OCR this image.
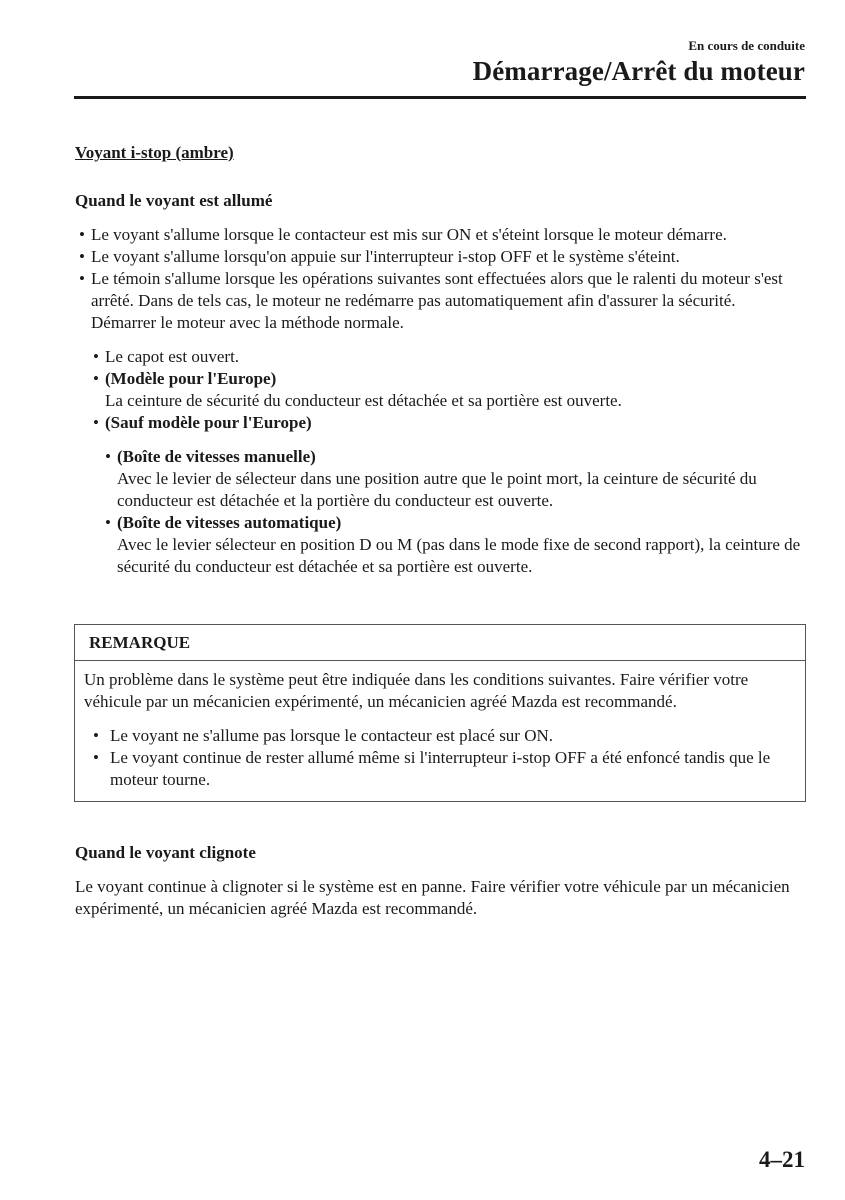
En cours de conduite
Démarrage/Arrêt du moteur
Voyant i-stop (ambre)
Quand le voyant est allumé
• Le voyant s'allume lorsque le contacteur est mis sur ON et s'éteint lorsque le moteur démarre.
• Le voyant s'allume lorsqu'on appuie sur l'interrupteur i-stop OFF et le système s'éteint.
• Le témoin s'allume lorsque les opérations suivantes sont effectuées alors que le ralenti du moteur s'est arrêté. Dans de tels cas, le moteur ne redémarre pas automatiquement afin d'assurer la sécurité. Démarrer le moteur avec la méthode normale.
• Le capot est ouvert.
• (Modèle pour l'Europe)
La ceinture de sécurité du conducteur est détachée et sa portière est ouverte.
• (Sauf modèle pour l'Europe)
• (Boîte de vitesses manuelle)
Avec le levier de sélecteur dans une position autre que le point mort, la ceinture de sécurité du conducteur est détachée et la portière du conducteur est ouverte.
• (Boîte de vitesses automatique)
Avec le levier sélecteur en position D ou M (pas dans le mode fixe de second rapport), la ceinture de sécurité du conducteur est détachée et sa portière est ouverte.
REMARQUE

Un problème dans le système peut être indiquée dans les conditions suivantes. Faire vérifier votre véhicule par un mécanicien expérimenté, un mécanicien agréé Mazda est recommandé.

• Le voyant ne s'allume pas lorsque le contacteur est placé sur ON.
• Le voyant continue de rester allumé même si l'interrupteur i-stop OFF a été enfoncé tandis que le moteur tourne.
Quand le voyant clignote

Le voyant continue à clignoter si le système est en panne. Faire vérifier votre véhicule par un mécanicien expérimenté, un mécanicien agréé Mazda est recommandé.

4–21
